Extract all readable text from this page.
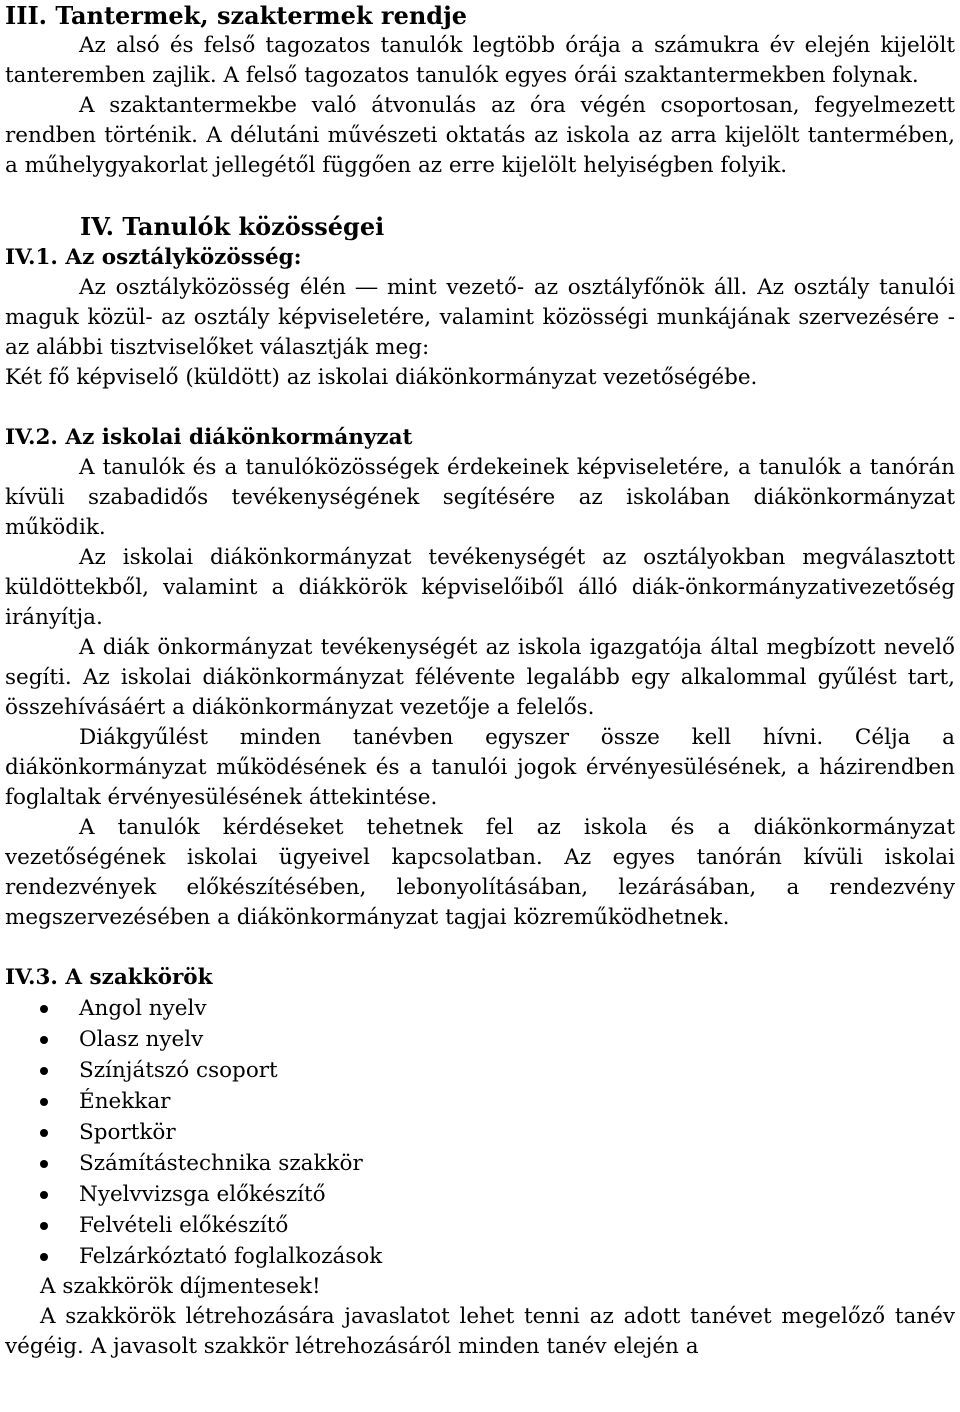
III. Tantermek, szaktermek rendje

Az alsó és felső tagozatos tanulók legtöbb órája a számukra év elején kijelölt tanteremben zajlik. A felső tagozatos tanulók egyes órái szaktantermekben folynak.

A szaktantermekbe való átvonulás az óra végén csoportosan, fegyelmezett rendben történik. A délutáni művészeti oktatás az iskola az arra kijelölt tantermében, a műhelygyakorlat jellegétől függően az erre kijelölt helyiségben folyik.

IV. Tanulók közösségei
IV.1. Az osztályközösség:

Az osztályközösség élén ― mint vezető- az osztályfőnök áll. Az osztály tanulói maguk közül- az osztály képviseletére, valamint közösségi munkájának szervezésére - az alábbi tisztviselőket választják meg:

Két fő képviselő (küldött) az iskolai diákönkormányzat vezetőségébe.

IV.2. Az iskolai diákönkormányzat

A tanulók és a tanulóközösségek érdekeinek képviseletére, a tanulók a tanórán kívüli szabadidős tevékenységének segítésére az iskolában diákönkormányzat működik.

Az iskolai diákönkormányzat tevékenységét az osztályokban megválasztott küldöttekből, valamint a diákkörök képviselőiből álló diák-önkormányzativezetőség irányítja.

A diák önkormányzat tevékenységét az iskola igazgatója által megbízott nevelő segíti. Az iskolai diákönkormányzat félévente legalább egy alkalommal gyűlést tart, összehívásáért a diákönkormányzat vezetője a felelős.

Diákgyűlést minden tanévben egyszer össze kell hívni. Célja a diákönkormányzat működésének és a tanulói jogok érvényesülésének, a házirendben foglaltak érvényesülésének áttekintése.

A tanulók kérdéseket tehetnek fel az iskola és a diákönkormányzat vezetőségének iskolai ügyeivel kapcsolatban. Az egyes tanórán kívüli iskolai rendezvények előkészítésében, lebonyolításában, lezárásában, a rendezvény megszervezésében a diákönkormányzat tagjai közreműködhetnek.

IV.3. A szakkörök
Angol nyelv
Olasz nyelv
Színjátszó csoport
Énekkar
Sportkör
Számítástechnika szakkör
Nyelvvizsga előkészítő
Felvételi előkészítő
Felzárkóztató foglalkozások

A szakkörök díjmentesek!

A szakkörök létrehozására javaslatot lehet tenni az adott tanévet megelőző tanév végéig. A javasolt szakkör létrehozásáról minden tanév elején a
